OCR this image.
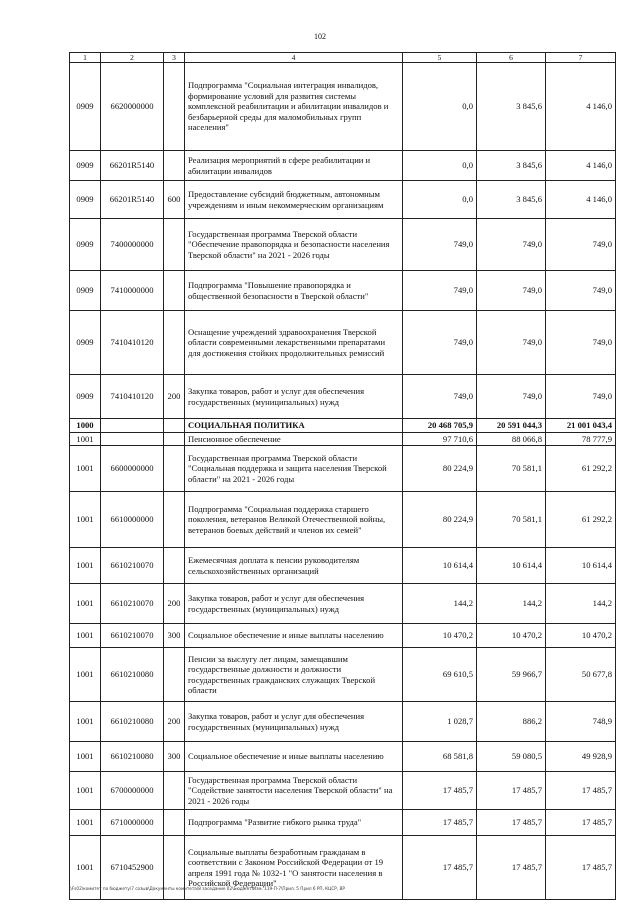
102
1	2	3	4	5	6	7
0909	6620000000		Подпрограмма "Социальная интеграция инвалидов, формирование условий для развития системы комплексной реабилитации и абилитации инвалидов и безбарьерной среды для маломобильных групп населения"	0,0	3 845,6	4 146,0
0909	66201R5140		Реализация мероприятий в сфере реабилитации и абилитации инвалидов	0,0	3 845,6	4 146,0
0909	66201R5140	600	Предоставление субсидий бюджетным, автономным учреждениям и иным некоммерческим организациям	0,0	3 845,6	4 146,0
0909	7400000000		Государственная программа Тверской области "Обеспечение правопорядка и безопасности населения Тверской области" на 2021 - 2026 годы	749,0	749,0	749,0
0909	7410000000		Подпрограмма "Повышение правопорядка и общественной безопасности в Тверской области"	749,0	749,0	749,0
0909	7410410120		Оснащение учреждений здравоохранения Тверской области современными лекарственными препаратами для достижения стойких продолжительных ремиссий	749,0	749,0	749,0
0909	7410410120	200	Закупка товаров, работ и услуг для обеспечения государственных (муниципальных) нужд	749,0	749,0	749,0
1000			СОЦИАЛЬНАЯ ПОЛИТИКА	20 468 705,9	20 591 044,3	21 001 043,4
1001			Пенсионное обеспечение	97 710,6	88 066,8	78 777,9
1001	6600000000		Государственная программа Тверской области "Социальная поддержка и защита населения Тверской области" на 2021 - 2026 годы	80 224,9	70 581,1	61 292,2
1001	6610000000		Подпрограмма "Социальная поддержка старшего поколения, ветеранов Великой Отечественной войны, ветеранов боевых действий и членов их семей"	80 224,9	70 581,1	61 292,2
1001	6610210070		Ежемесячная доплата к пенсии руководителям сельскохозяйственных организаций	10 614,4	10 614,4	10 614,4
1001	6610210070	200	Закупка товаров, работ и услуг для обеспечения государственных (муниципальных) нужд	144,2	144,2	144,2
1001	6610210070	300	Социальное обеспечение и иные выплаты населению	10 470,2	10 470,2	10 470,2
1001	6610210080		Пенсии за выслугу лет лицам, замещавшим государственные должности и должности государственных гражданских служащих Тверской области	69 610,5	59 966,7	50 677,8
1001	6610210080	200	Закупка товаров, работ и услуг для обеспечения государственных (муниципальных) нужд	1 028,7	886,2	748,9
1001	6610210080	300	Социальное обеспечение и иные выплаты населению	68 581,8	59 080,5	49 928,9
1001	6700000000		Государственная программа Тверской области "Содействие занятости населения Тверской области" на 2021 - 2026 годы	17 485,7	17 485,7	17 485,7
1001	6710000000		Подпрограмма "Развитие гибкого рынка труда"	17 485,7	17 485,7	17 485,7
1001	6710452900		Социальные выплаты безработным гражданам в соответствии с Законом Российской Федерации от 19 апреля 1991 года № 1032-1 "О занятости населения в Российской Федерации"	17 485,7	17 485,7	17 485,7
\\Fs02\комитет по бюджету\7 созыв\Документы комитета\8 заседание 02\Бюджет\Изм. 119-П-7\Прил. 5 Прил 6 РП, КЦСР, ВР
